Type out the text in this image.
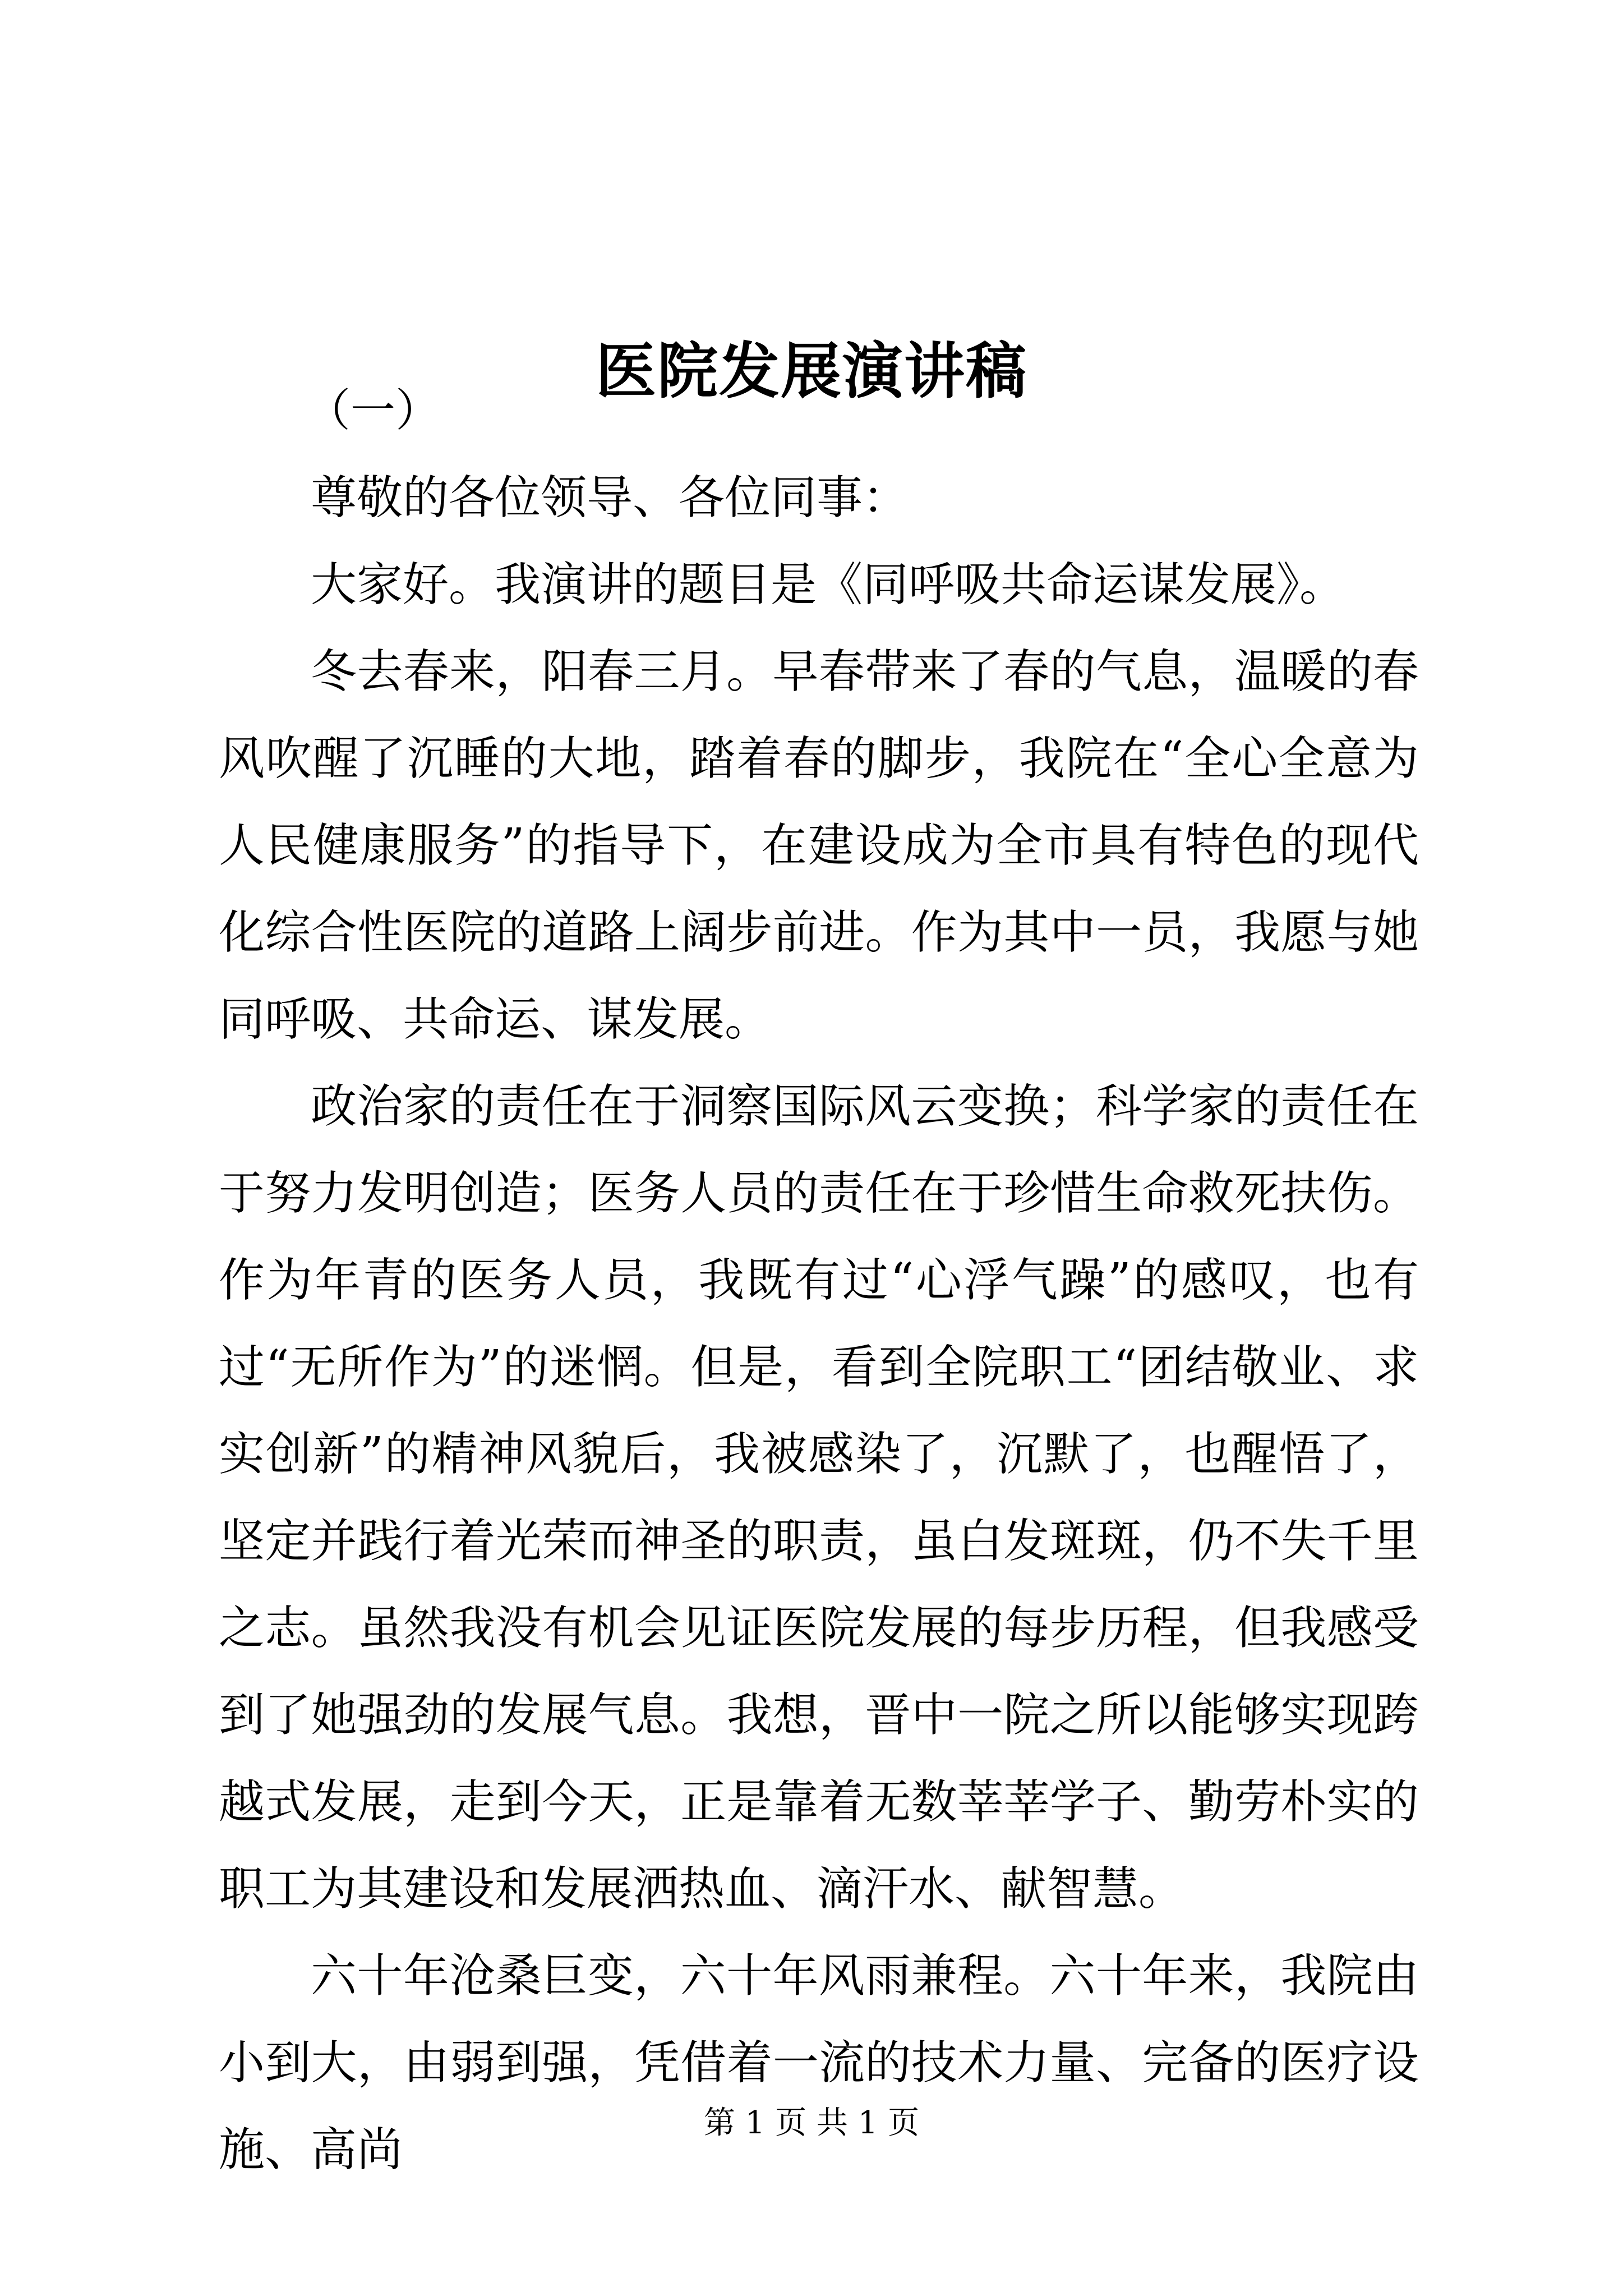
医院发展演讲稿
（一）

尊敬的各位领导、各位同事：

大家好。我演讲的题目是《同呼吸共命运谋发展》。

冬去春来，阳春三月。早春带来了春的气息，温暖的春风吹醒了沉睡的大地，踏着春的脚步，我院在“全心全意为人民健康服务”的指导下，在建设成为全市具有特色的现代化综合性医院的道路上阔步前进。作为其中一员，我愿与她同呼吸、共命运、谋发展。

政治家的责任在于洞察国际风云变换；科学家的责任在于努力发明创造；医务人员的责任在于珍惜生命救死扶伤。作为年青的医务人员，我既有过“心浮气躁”的感叹，也有过“无所作为”的迷惘。但是，看到全院职工“团结敬业、求实创新”的精神风貌后，我被感染了，沉默了，也醒悟了，坚定并践行着光荣而神圣的职责，虽白发斑斑，仍不失千里之志。虽然我没有机会见证医院发展的每步历程，但我感受到了她强劲的发展气息。我想，晋中一院之所以能够实现跨越式发展，走到今天，正是靠着无数莘莘学子、勤劳朴实的职工为其建设和发展洒热血、滴汗水、献智慧。

六十年沧桑巨变，六十年风雨兼程。六十年来，我院由小到大，由弱到强，凭借着一流的技术力量、完备的医疗设施、高尚

第 1 页 共 1 页
